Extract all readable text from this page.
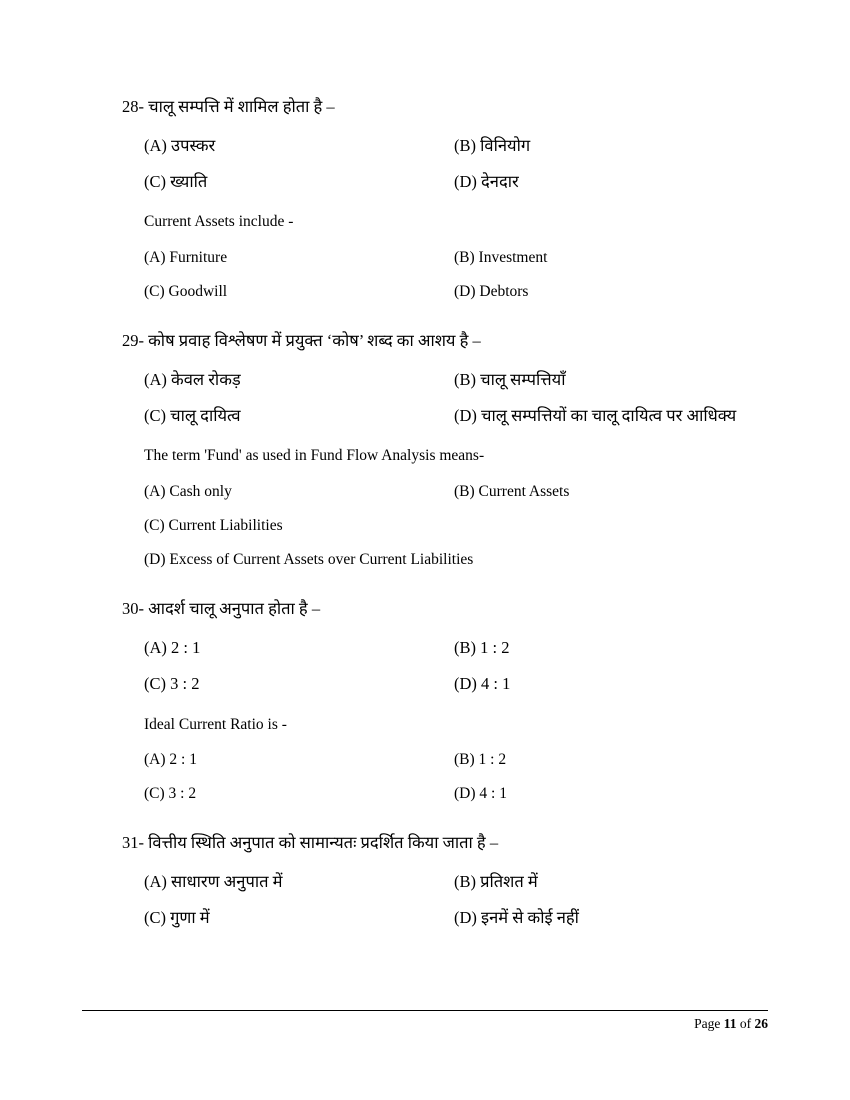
28- चालू सम्पत्ति में शामिल होता है –
(A) उपस्कर	(B) विनियोग
(C) ख्याति	(D) देनदार
Current Assets include -
(A) Furniture	(B) Investment
(C) Goodwill	(D) Debtors
29- कोष प्रवाह विश्लेषण में प्रयुक्त ‘कोष’ शब्द का आशय है –
(A) केवल रोकड़	(B) चालू सम्पत्तियाँ
(C) चालू दायित्व	(D) चालू सम्पत्तियों का चालू दायित्व पर आधिक्य
The term 'Fund' as used in Fund Flow Analysis means-
(A) Cash only	(B) Current Assets
(C) Current Liabilities
(D) Excess of Current Assets over Current Liabilities
30- आदर्श चालू अनुपात होता है –
(A) 2 : 1	(B) 1 : 2
(C) 3 : 2	(D) 4 : 1
Ideal Current Ratio is -
(A) 2 : 1	(B) 1 : 2
(C) 3 : 2	(D) 4 : 1
31- वित्तीय स्थिति अनुपात को सामान्यतः प्रदर्शित किया जाता है –
(A) साधारण अनुपात में	(B) प्रतिशत में
(C) गुणा में	(D) इनमें से कोई नहीं
Page 11 of 26
